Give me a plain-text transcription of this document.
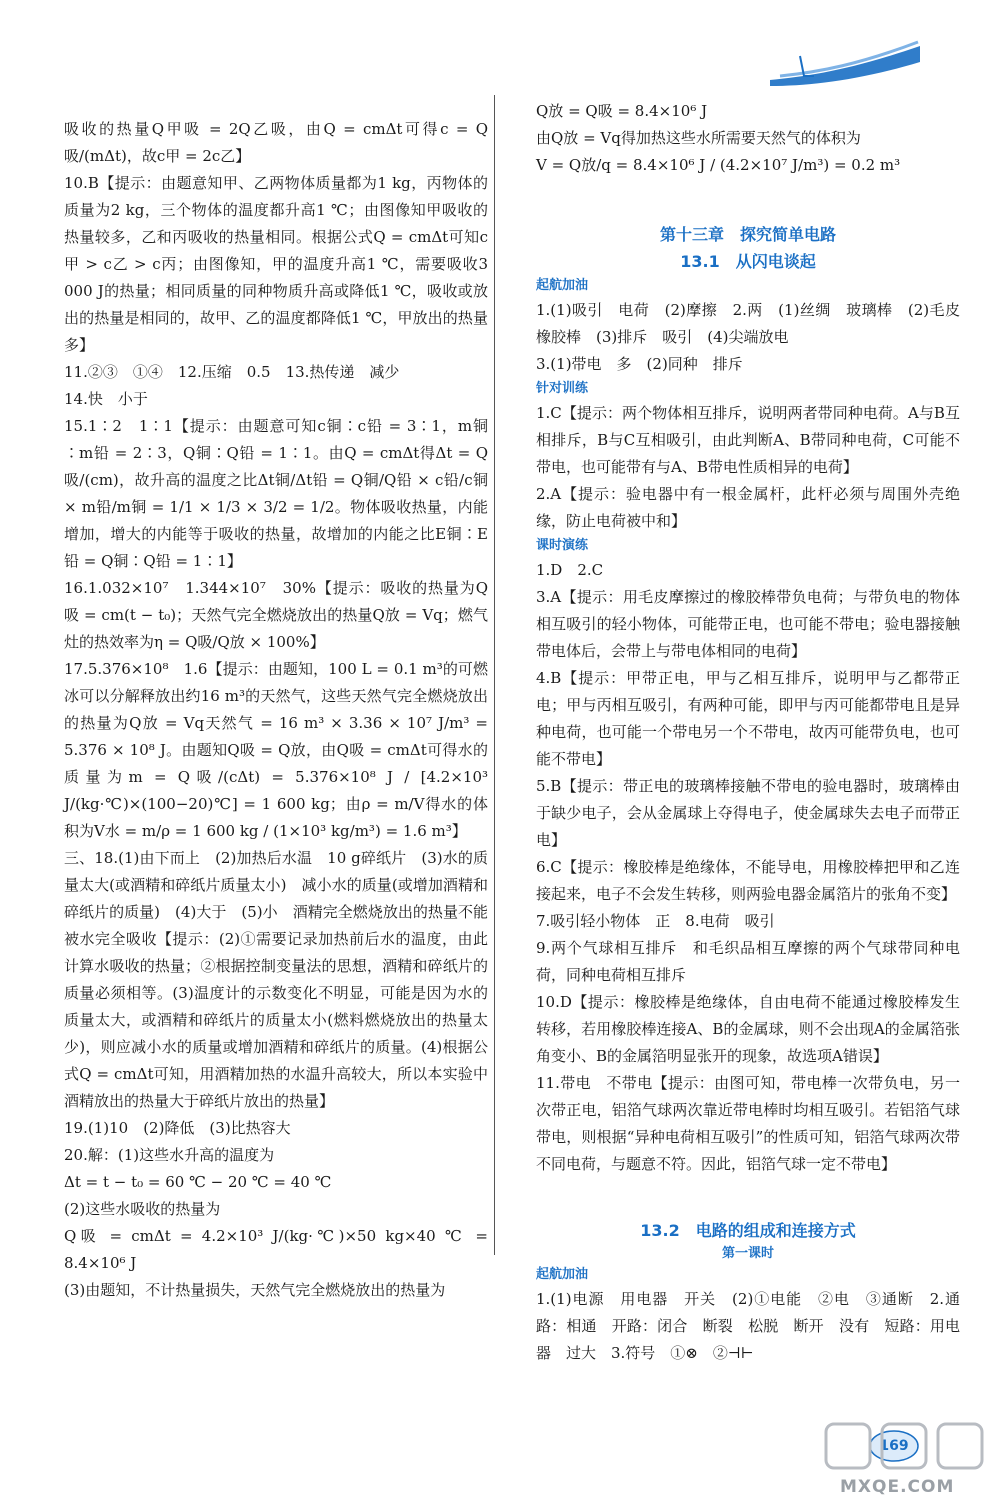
吸收的热量Q甲吸 = 2Q乙吸，由Q = cmΔt可得c = Q吸/(mΔt)，故c甲 = 2c乙】

10.B【提示：由题意知甲、乙两物体质量都为1 kg，丙物体的质量为2 kg，三个物体的温度都升高1 ℃；由图像知甲吸收的热量较多，乙和丙吸收的热量相同。根据公式Q = cmΔt可知c甲 > c乙 > c丙；由图像知，甲的温度升高1 ℃，需要吸收3 000 J的热量；相同质量的同种物质升高或降低1 ℃，吸收或放出的热量是相同的，故甲、乙的温度都降低1 ℃，甲放出的热量多】

11.②③　①④　12.压缩　0.5　13.热传递　减少

14.快　小于

15.1∶2　1∶1【提示：由题意可知c铜∶c铅 = 3∶1，m铜∶m铅 = 2∶3，Q铜∶Q铅 = 1∶1。由Q = cmΔt得Δt = Q吸/(cm)，故升高的温度之比Δt铜/Δt铅 = Q铜/Q铅 × c铅/c铜 × m铅/m铜 = 1/1 × 1/3 × 3/2 = 1/2。物体吸收热量，内能增加，增大的内能等于吸收的热量，故增加的内能之比E铜∶E铅 = Q铜∶Q铅 = 1∶1】

16.1.032×10⁷　1.344×10⁷　30%【提示：吸收的热量为Q吸 = cm(t − t₀)；天然气完全燃烧放出的热量Q放 = Vq；燃气灶的热效率为η = Q吸/Q放 × 100%】

17.5.376×10⁸　1.6【提示：由题知，100 L = 0.1 m³的可燃冰可以分解释放出约16 m³的天然气，这些天然气完全燃烧放出的热量为Q放 = Vq天然气 = 16 m³ × 3.36 × 10⁷ J/m³ = 5.376 × 10⁸ J。由题知Q吸 = Q放，由Q吸 = cmΔt可得水的质量为m = Q吸/(cΔt) = 5.376×10⁸ J / [4.2×10³ J/(kg·℃)×(100−20)℃] = 1 600 kg；由ρ = m/V得水的体积为V水 = m/ρ = 1 600 kg / (1×10³ kg/m³) = 1.6 m³】

三、18.(1)由下而上　(2)加热后水温　10 g碎纸片　(3)水的质量太大(或酒精和碎纸片质量太小)　减小水的质量(或增加酒精和碎纸片的质量)　(4)大于　(5)小　酒精完全燃烧放出的热量不能被水完全吸收【提示：(2)①需要记录加热前后水的温度，由此计算水吸收的热量；②根据控制变量法的思想，酒精和碎纸片的质量必须相等。(3)温度计的示数变化不明显，可能是因为水的质量太大，或酒精和碎纸片的质量太小(燃料燃烧放出的热量太少)，则应减小水的质量或增加酒精和碎纸片的质量。(4)根据公式Q = cmΔt可知，用酒精加热的水温升高较大，所以本实验中酒精放出的热量大于碎纸片放出的热量】

19.(1)10　(2)降低　(3)比热容大

20.解：(1)这些水升高的温度为

Δt = t − t₀ = 60 ℃ − 20 ℃ = 40 ℃

(2)这些水吸收的热量为

Q吸 = cmΔt = 4.2×10³ J/(kg·℃)×50 kg×40 ℃ = 8.4×10⁶ J

(3)由题知，不计热量损失，天然气完全燃烧放出的热量为

Q放 = Q吸 = 8.4×10⁶ J

由Q放 = Vq得加热这些水所需要天然气的体积为

V = Q放/q = 8.4×10⁶ J / (4.2×10⁷ J/m³) = 0.2 m³

第十三章　探究简单电路
13.1　从闪电谈起
起航加油

1.(1)吸引　电荷　(2)摩擦　2.两　(1)丝绸　玻璃棒　(2)毛皮　橡胶棒　(3)排斥　吸引　(4)尖端放电

3.(1)带电　多　(2)同种　排斥

针对训练

1.C【提示：两个物体相互排斥，说明两者带同种电荷。A与B互相排斥，B与C互相吸引，由此判断A、B带同种电荷，C可能不带电，也可能带有与A、B带电性质相异的电荷】

2.A【提示：验电器中有一根金属杆，此杆必须与周围外壳绝缘，防止电荷被中和】

课时演练

1.D　2.C

3.A【提示：用毛皮摩擦过的橡胶棒带负电荷；与带负电的物体相互吸引的轻小物体，可能带正电，也可能不带电；验电器接触带电体后，会带上与带电体相同的电荷】

4.B【提示：甲带正电，甲与乙相互排斥，说明甲与乙都带正电；甲与丙相互吸引，有两种可能，即甲与丙可能都带电且是异种电荷，也可能一个带电另一个不带电，故丙可能带负电，也可能不带电】

5.B【提示：带正电的玻璃棒接触不带电的验电器时，玻璃棒由于缺少电子，会从金属球上夺得电子，使金属球失去电子而带正电】

6.C【提示：橡胶棒是绝缘体，不能导电，用橡胶棒把甲和乙连接起来，电子不会发生转移，则两验电器金属箔片的张角不变】

7.吸引轻小物体　正　8.电荷　吸引

9.两个气球相互排斥　和毛织品相互摩擦的两个气球带同种电荷，同种电荷相互排斥

10.D【提示：橡胶棒是绝缘体，自由电荷不能通过橡胶棒发生转移，若用橡胶棒连接A、B的金属球，则不会出现A的金属箔张角变小、B的金属箔明显张开的现象，故选项A错误】

11.带电　不带电【提示：由图可知，带电棒一次带负电，另一次带正电，铝箔气球两次靠近带电棒时均相互吸引。若铝箔气球带电，则根据“异种电荷相互吸引”的性质可知，铝箔气球两次带不同电荷，与题意不符。因此，铝箔气球一定不带电】

13.2　电路的组成和连接方式
第一课时
起航加油

1.(1)电源　用电器　开关　(2)①电能　②电　③通断　2.通路：相通　开路：闭合　断裂　松脱　断开　没有　短路：用电器　过大　3.符号　①⊗　②⊣⊢

169
MXQE.COM
